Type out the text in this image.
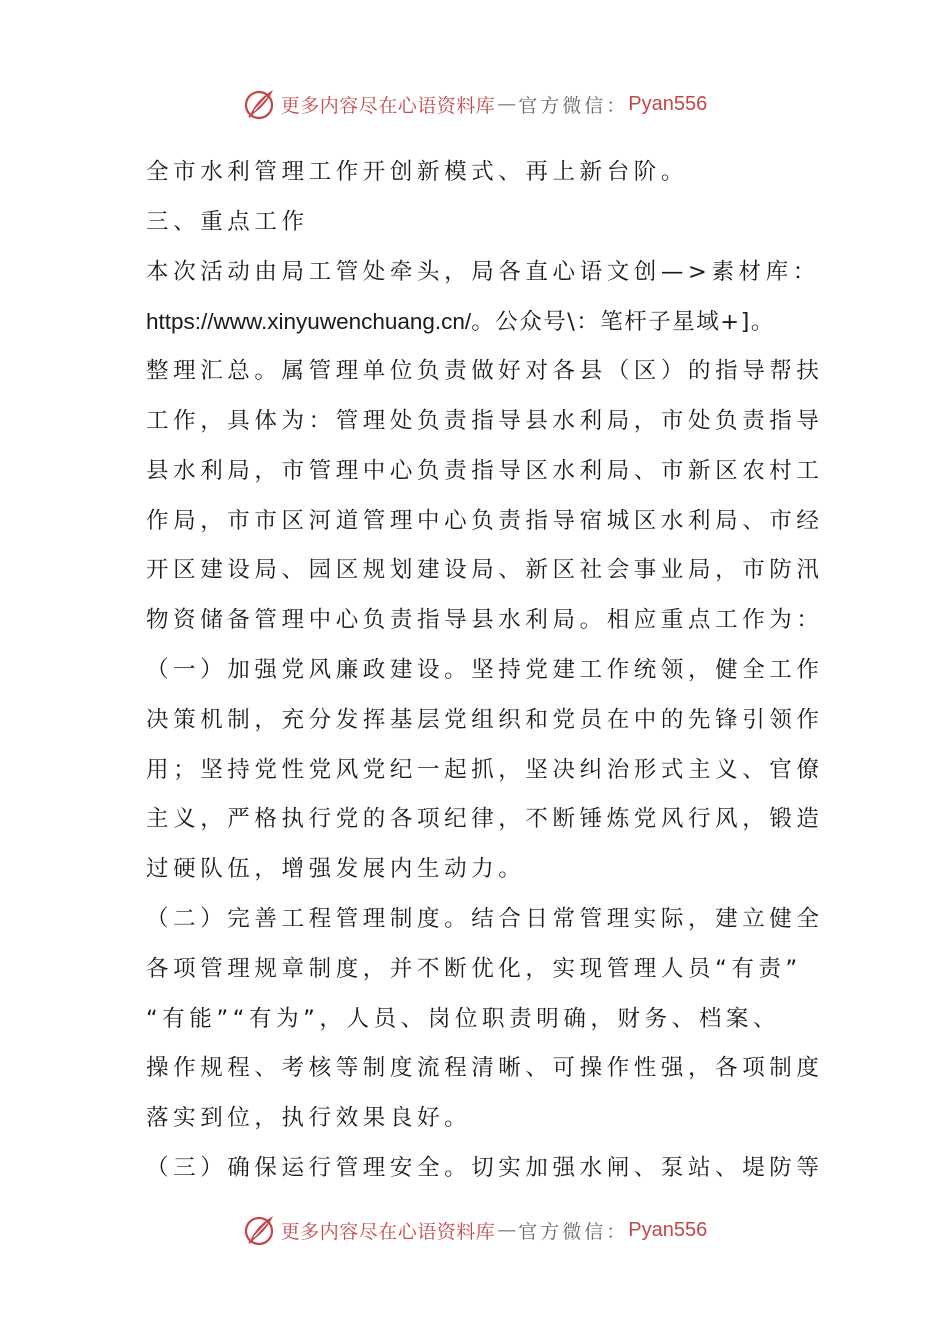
更多内容尽在心语资料库 — 官方微信： Pyan556
全市水利管理工作开创新模式、再上新台阶。
三、重点工作
本次活动由局工管处牵头，局各直心语文创—>素材库：
https://www.xinyuwenchuang.cn/。公众号\：笔杆子星域+]。
整理汇总。属管理单位负责做好对各县（区）的指导帮扶
工作，具体为：管理处负责指导县水利局，市处负责指导
县水利局，市管理中心负责指导区水利局、市新区农村工
作局，市市区河道管理中心负责指导宿城区水利局、市经
开区建设局、园区规划建设局、新区社会事业局，市防汛
物资储备管理中心负责指导县水利局。相应重点工作为：
（一）加强党风廉政建设。坚持党建工作统领，健全工作
决策机制，充分发挥基层党组织和党员在中的先锋引领作
用；坚持党性党风党纪一起抓，坚决纠治形式主义、官僚
主义，严格执行党的各项纪律，不断锤炼党风行风，锻造
过硬队伍，增强发展内生动力。
（二）完善工程管理制度。结合日常管理实际，建立健全
各项管理规章制度，并不断优化，实现管理人员“有责”
“有能”“有为”，人员、岗位职责明确，财务、档案、
操作规程、考核等制度流程清晰、可操作性强，各项制度
落实到位，执行效果良好。
（三）确保运行管理安全。切实加强水闸、泵站、堤防等
更多内容尽在心语资料库 — 官方微信： Pyan556
